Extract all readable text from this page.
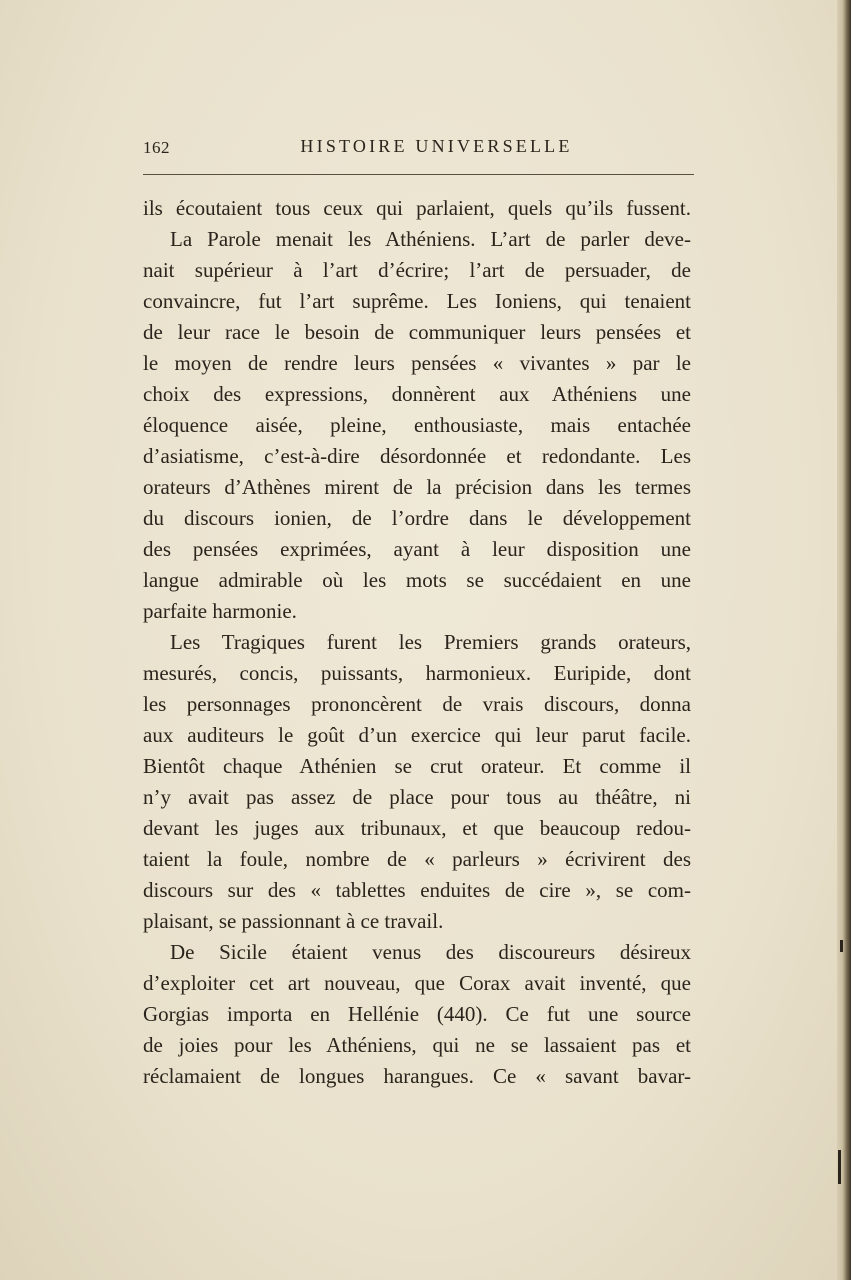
162	HISTOIRE UNIVERSELLE
ils écoutaient tous ceux qui parlaient, quels qu’ils fussent.
La Parole menait les Athéniens. L’art de parler deve-
nait supérieur à l’art d’écrire; l’art de persuader, de
convaincre, fut l’art suprême. Les Ioniens, qui tenaient
de leur race le besoin de communiquer leurs pensées et
le moyen de rendre leurs pensées « vivantes » par le
choix des expressions, donnèrent aux Athéniens une
éloquence aisée, pleine, enthousiaste, mais entachée
d’asiatisme, c’est-à-dire désordonnée et redondante. Les
orateurs d’Athènes mirent de la précision dans les termes
du discours ionien, de l’ordre dans le développement
des pensées exprimées, ayant à leur disposition une
langue admirable où les mots se succédaient en une
parfaite harmonie.
Les Tragiques furent les Premiers grands orateurs,
mesurés, concis, puissants, harmonieux. Euripide, dont
les personnages prononcèrent de vrais discours, donna
aux auditeurs le goût d’un exercice qui leur parut facile.
Bientôt chaque Athénien se crut orateur. Et comme il
n’y avait pas assez de place pour tous au théâtre, ni
devant les juges aux tribunaux, et que beaucoup redou-
taient la foule, nombre de « parleurs » écrivirent des
discours sur des « tablettes enduites de cire », se com-
plaisant, se passionnant à ce travail.
De Sicile étaient venus des discoureurs désireux
d’exploiter cet art nouveau, que Corax avait inventé, que
Gorgias importa en Hellénie (440). Ce fut une source
de joies pour les Athéniens, qui ne se lassaient pas et
réclamaient de longues harangues. Ce « savant bavar-
